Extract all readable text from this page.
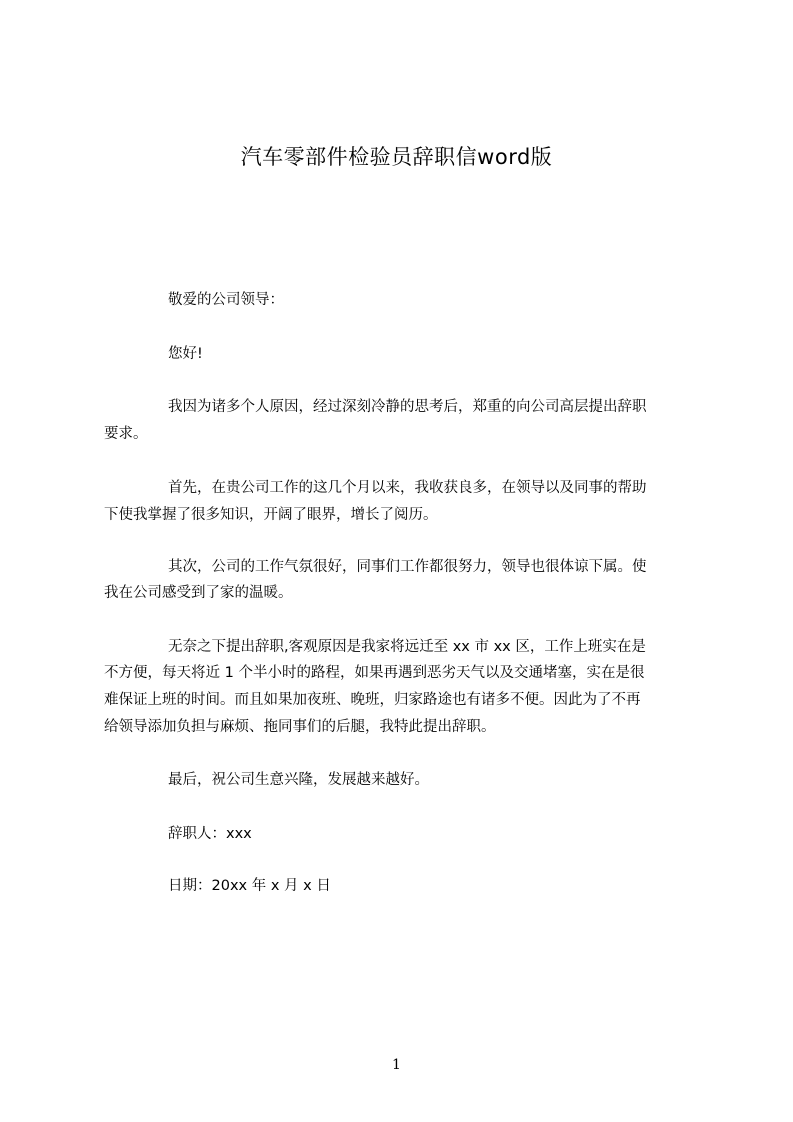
汽车零部件检验员辞职信word版
敬爱的公司领导：
您好!
我因为诸多个人原因，经过深刻冷静的思考后，郑重的向公司高层提出辞职
要求。
首先，在贵公司工作的这几个月以来，我收获良多，在领导以及同事的帮助
下使我掌握了很多知识，开阔了眼界，增长了阅历。
其次，公司的工作气氛很好，同事们工作都很努力，领导也很体谅下属。使
我在公司感受到了家的温暖。
无奈之下提出辞职,客观原因是我家将远迁至 xx 市 xx 区，工作上班实在是
不方便，每天将近 1 个半小时的路程，如果再遇到恶劣天气以及交通堵塞，实在是很
难保证上班的时间。而且如果加夜班、晚班，归家路途也有诸多不便。因此为了不再
给领导添加负担与麻烦、拖同事们的后腿，我特此提出辞职。
最后，祝公司生意兴隆，发展越来越好。
辞职人：xxx
日期：20xx 年 x 月 x 日
1
